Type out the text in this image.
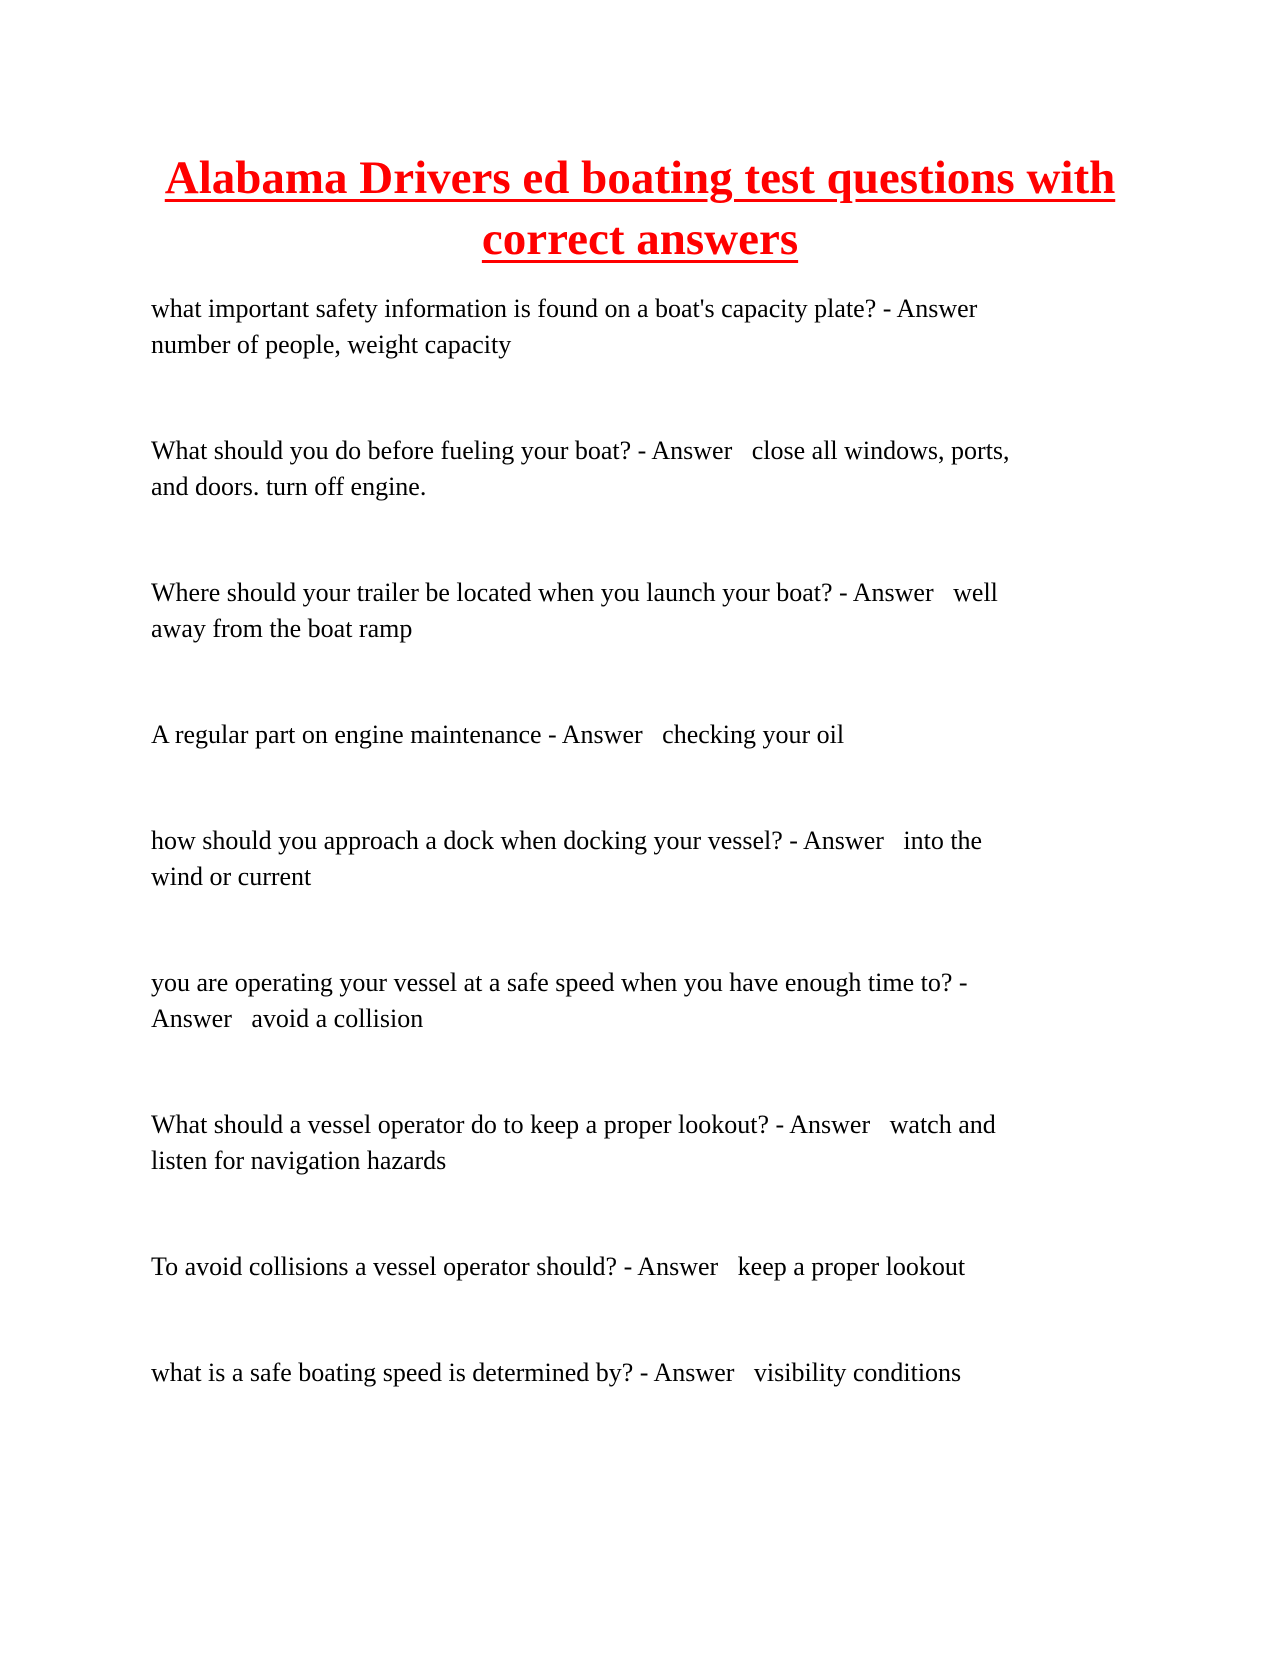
Alabama Drivers ed boating test questions with correct answers

what important safety information is found on a boat's capacity plate? - Answer
number of people, weight capacity

What should you do before fueling your boat? - Answer   close all windows, ports,
and doors. turn off engine.

Where should your trailer be located when you launch your boat? - Answer   well
away from the boat ramp

A regular part on engine maintenance - Answer   checking your oil

how should you approach a dock when docking your vessel? - Answer   into the
wind or current

you are operating your vessel at a safe speed when you have enough time to? -
Answer   avoid a collision

What should a vessel operator do to keep a proper lookout? - Answer   watch and
listen for navigation hazards

To avoid collisions a vessel operator should? - Answer   keep a proper lookout

what is a safe boating speed is determined by? - Answer   visibility conditions
